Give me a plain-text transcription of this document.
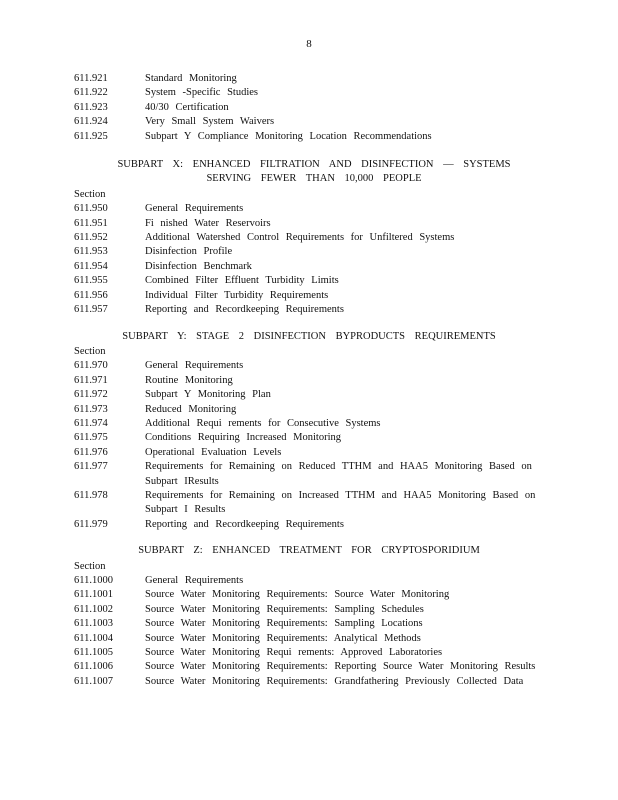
8
611.921	Standard Monitoring
611.922	System -Specific Studies
611.923	40/30 Certification
611.924	Very Small System Waivers
611.925	Subpart Y Compliance Monitoring Location Recommendations
SUBPART X: ENHANCED FILTRATION AND DISINFECTION — SYSTEMS
SERVING FEWER THAN 10,000 PEOPLE
Section
611.950	General Requirements
611.951	Fi nished Water Reservoirs
611.952	Additional Watershed Control Requirements for Unfiltered Systems
611.953	Disinfection Profile
611.954	Disinfection Benchmark
611.955	Combined Filter Effluent Turbidity Limits
611.956	Individual Filter Turbidity Requirements
611.957	Reporting and Recordkeeping Requirements
SUBPART Y: STAGE 2 DISINFECTION BYPRODUCTS REQUIREMENTS
Section
611.970	General Requirements
611.971	Routine Monitoring
611.972	Subpart Y Monitoring Plan
611.973	Reduced Monitoring
611.974	Additional Requi rements for Consecutive Systems
611.975	Conditions Requiring Increased Monitoring
611.976	Operational Evaluation Levels
611.977	Requirements for Remaining on Reduced TTHM and HAA5 Monitoring Based on Subpart IResults
611.978	Requirements for Remaining on Increased TTHM and HAA5 Monitoring Based on Subpart I Results
611.979	Reporting and Recordkeeping Requirements
SUBPART Z: ENHANCED TREATMENT FOR CRYPTOSPORIDIUM
Section
611.1000	General Requirements
611.1001	Source Water Monitoring Requirements: Source Water Monitoring
611.1002	Source Water Monitoring Requirements: Sampling Schedules
611.1003	Source Water Monitoring Requirements: Sampling Locations
611.1004	Source Water Monitoring Requirements: Analytical Methods
611.1005	Source Water Monitoring Requi rements: Approved Laboratories
611.1006	Source Water Monitoring Requirements: Reporting Source Water Monitoring Results
611.1007	Source Water Monitoring Requirements: Grandfathering Previously Collected Data
